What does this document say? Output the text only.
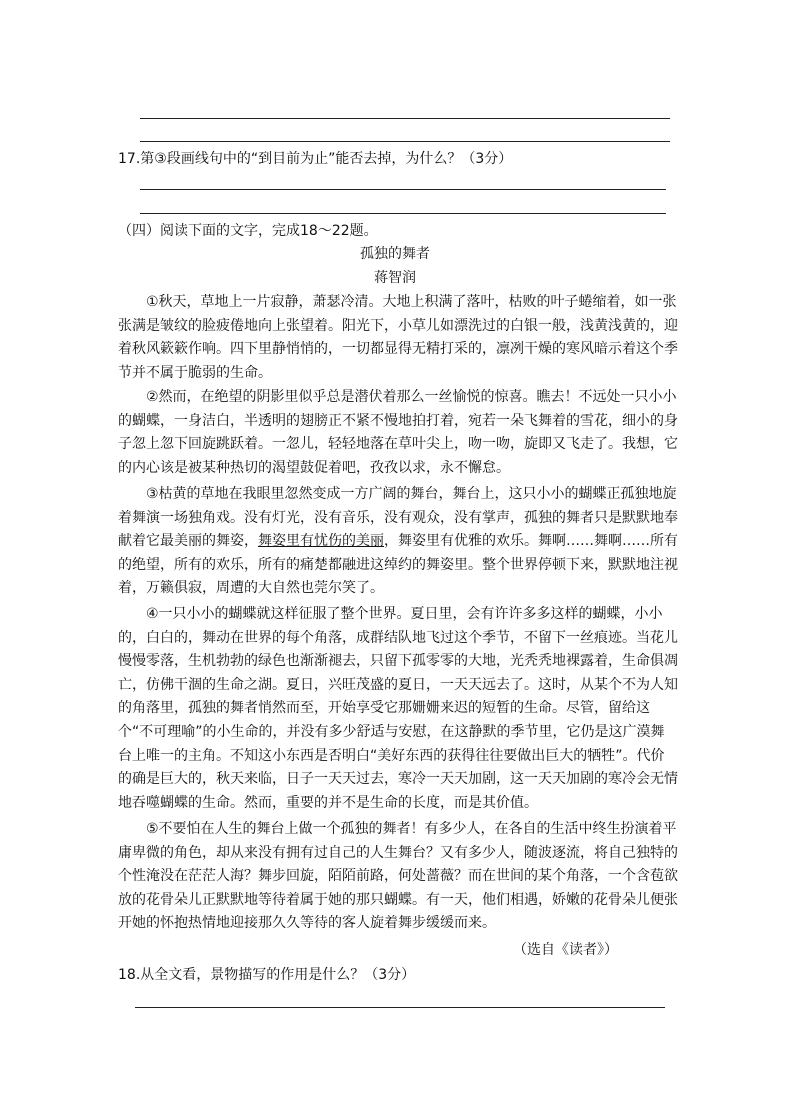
17.第③段画线句中的“到目前为止”能否去掉，为什么？（3分）
（四）阅读下面的文字，完成18～22题。
孤独的舞者
蒋智润
①秋天，草地上一片寂静，萧瑟冷清。大地上积满了落叶，枯败的叶子蜷缩着，如一张张满是皱纹的脸疲倦地向上张望着。阳光下，小草儿如漂洗过的白银一般，浅黄浅黄的，迎着秋风簌簌作响。四下里静悄悄的，一切都显得无精打采的，凛冽干燥的寒风暗示着这个季节并不属于脆弱的生命。
②然而，在绝望的阴影里似乎总是潜伏着那么一丝愉悦的惊喜。瞧去！不远处一只小小的蝴蝶，一身洁白，半透明的翅膀正不紧不慢地拍打着，宛若一朵飞舞着的雪花，细小的身子忽上忽下回旋跳跃着。一忽儿，轻轻地落在草叶尖上，吻一吻，旋即又飞走了。我想，它的内心该是被某种热切的渴望鼓促着吧，孜孜以求，永不懈怠。
③枯黄的草地在我眼里忽然变成一方广阔的舞台，舞台上，这只小小的蝴蝶正孤独地旋着舞演一场独角戏。没有灯光，没有音乐，没有观众，没有掌声，孤独的舞者只是默默地奉献着它最美丽的舞姿，舞姿里有忧伤的美丽，舞姿里有优雅的欢乐。舞啊……舞啊……所有的绝望，所有的欢乐，所有的痛楚都融进这绰约的舞姿里。整个世界停顿下来，默默地注视着，万籁俱寂，周遭的大自然也莞尔笑了。
④一只小小的蝴蝶就这样征服了整个世界。夏日里，会有许许多多这样的蝴蝶，小小的，白白的，舞动在世界的每个角落，成群结队地飞过这个季节，不留下一丝痕迹。当花儿慢慢零落，生机勃勃的绿色也渐渐褪去，只留下孤零零的大地，光秃秃地裸露着，生命俱凋亡，仿佛干涸的生命之湖。夏日，兴旺茂盛的夏日，一天天远去了。这时，从某个不为人知的角落里，孤独的舞者悄然而至，开始享受它那姗姗来迟的短暂的生命。尽管，留给这个“不可理喻”的小生命的，并没有多少舒适与安慰，在这静默的季节里，它仍是这广漠舞台上唯一的主角。不知这小东西是否明白“美好东西的获得往往要做出巨大的牺牲”。代价的确是巨大的，秋天来临，日子一天天过去，寒冷一天天加剧，这一天天加剧的寒冷会无情地吞噬蝴蝶的生命。然而，重要的并不是生命的长度，而是其价值。
⑤不要怕在人生的舞台上做一个孤独的舞者！有多少人，在各自的生活中终生扮演着平庸卑微的角色，却从来没有拥有过自己的人生舞台？又有多少人，随波逐流，将自己独特的个性淹没在茫茫人海？舞步回旋，陌陌前路，何处蔷薇？而在世间的某个角落，一个含苞欲放的花骨朵儿正默默地等待着属于她的那只蝴蝶。有一天，他们相遇，娇嫩的花骨朵儿便张开她的怀抱热情地迎接那久久等待的客人旋着舞步缓缓而来。
（选自《读者》）
18.从全文看，景物描写的作用是什么？（3分）
